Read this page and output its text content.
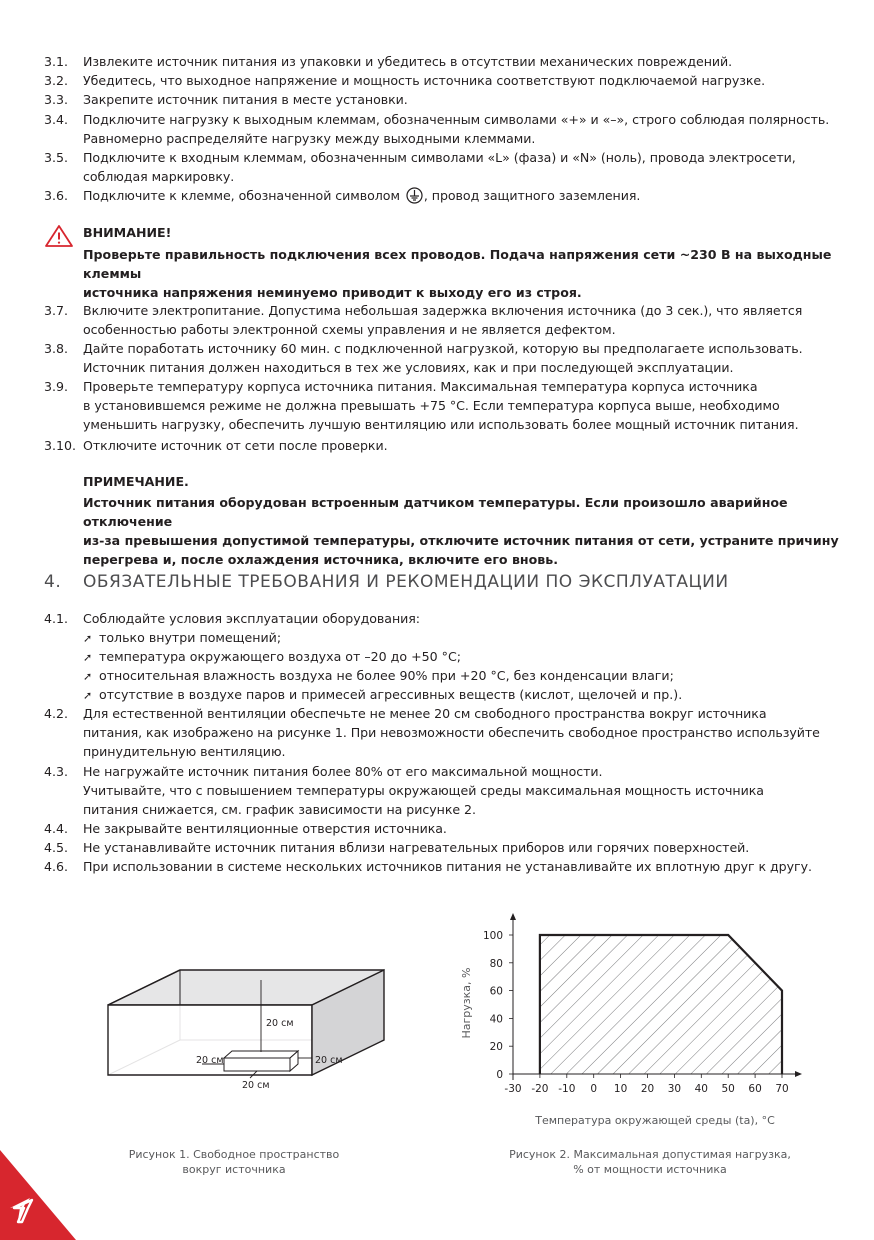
3.1. Извлеките источник питания из упаковки и убедитесь в отсутствии механических повреждений.
3.2. Убедитесь, что выходное напряжение и мощность источника соответствуют подключаемой нагрузке.
3.3. Закрепите источник питания в месте установки.
3.4. Подключите нагрузку к выходным клеммам, обозначенным символами «+» и «–», строго соблюдая полярность.
Равномерно распределяйте нагрузку между выходными клеммами.
3.5. Подключите к входным клеммам, обозначенным символами «L» (фаза) и «N» (ноль), провода электросети,
соблюдая маркировку.
3.6. Подключите к клемме, обозначенной символом , провод защитного заземления.
ВНИМАНИЕ!
Проверьте правильность подключения всех проводов. Подача напряжения сети ~230 В на выходные клеммы
источника напряжения неминуемо приводит к выходу его из строя.
3.7. Включите электропитание. Допустима небольшая задержка включения источника (до 3 сек.), что является
особенностью работы электронной схемы управления и не является дефектом.
3.8. Дайте поработать источнику 60 мин. с подключенной нагрузкой, которую вы предполагаете использовать.
Источник питания должен находиться в тех же условиях, как и при последующей эксплуатации.
3.9. Проверьте температуру корпуса источника питания. Максимальная температура корпуса источника
в установившемся режиме не должна превышать +75 °С. Если температура корпуса выше, необходимо
уменьшить нагрузку, обеспечить лучшую вентиляцию или использовать более мощный источник питания.
3.10. Отключите источник от сети после проверки.
ПРИМЕЧАНИЕ.
Источник питания оборудован встроенным датчиком температуры. Если произошло аварийное отключение
из-за превышения допустимой температуры, отключите источник питания от сети, устраните причину
перегрева и, после охлаждения источника, включите его вновь.
4. ОБЯЗАТЕЛЬНЫЕ ТРЕБОВАНИЯ И РЕКОМЕНДАЦИИ ПО ЭКСПЛУАТАЦИИ
4.1. Соблюдайте условия эксплуатации оборудования:
➚ только внутри помещений;
➚ температура окружающего воздуха от –20 до +50 °С;
➚ относительная влажность воздуха не более 90% при +20 °С, без конденсации влаги;
➚ отсутствие в воздухе паров и примесей агрессивных веществ (кислот, щелочей и пр.).
4.2. Для естественной вентиляции обеспечьте не менее 20 см свободного пространства вокруг источника
питания, как изображено на рисунке 1. При невозможности обеспечить свободное пространство используйте
принудительную вентиляцию.
4.3. Не нагружайте источник питания более 80% от его максимальной мощности.
Учитывайте, что с повышением температуры окружающей среды максимальная мощность источника
питания снижается, см. график зависимости на рисунке 2.
4.4. Не закрывайте вентиляционные отверстия источника.
4.5. Не устанавливайте источник питания вблизи нагревательных приборов или горячих поверхностей.
4.6. При использовании в системе нескольких источников питания не устанавливайте их вплотную друг к другу.
20 см
20 см	20 см
20 см
Рисунок 1. Свободное пространство
вокруг источника
-30 -20 -10 0 10 20 30 40 50 60 70
0
20
40
60
80
100
Нагрузка, %
Температура окружающей среды (ta), °С
Рисунок 2. Максимальная допустимая нагрузка,
% от мощности источника
